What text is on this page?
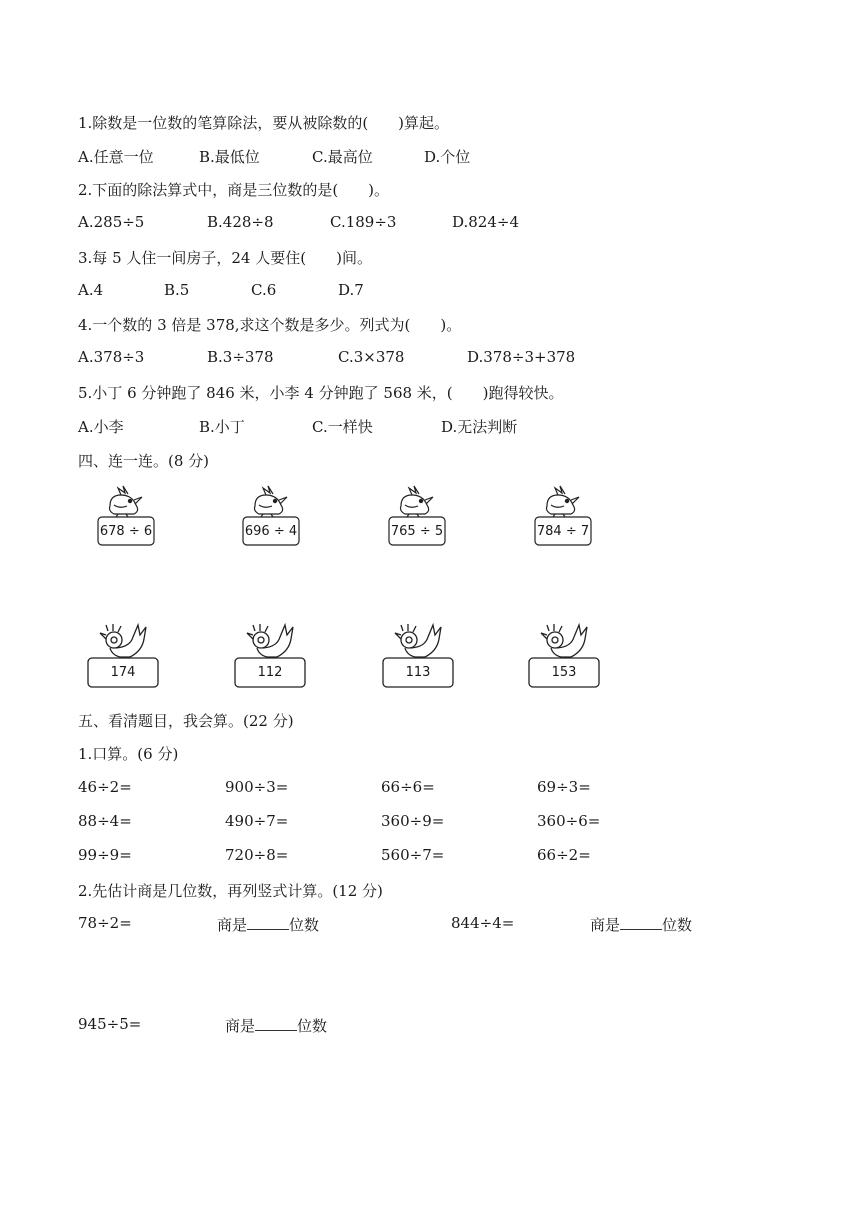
1.除数是一位数的笔算除法，要从被除数的(　　)算起。
A.任意一位	B.最低位	C.最高位	D.个位
2.下面的除法算式中，商是三位数的是(　　)。
A.285÷5	B.428÷8	C.189÷3	D.824÷4
3.每 5 人住一间房子，24 人要住(　　)间。
A.4	B.5	C.6	D.7
4.一个数的 3 倍是 378,求这个数是多少。列式为(　　)。
A.378÷3	B.3÷378	C.3×378	D.378÷3+378
5.小丁 6 分钟跑了 846 米，小李 4 分钟跑了 568 米，(　　)跑得较快。
A.小李	B.小丁	C.一样快	D.无法判断
四、连一连。(8 分)
678 ÷ 6	696 ÷ 4	765 ÷ 5	784 ÷ 7
174	112	113	153
五、看清题目，我会算。(22 分)
1.口算。(6 分)
46÷2=	900÷3=	66÷6=	69÷3=
88÷4=	490÷7=	360÷9=	360÷6=
99÷9=	720÷8=	560÷7=	66÷2=
2.先估计商是几位数，再列竖式计算。(12 分)
78÷2=	商是	位数	844÷4=	商是	位数
945÷5=	商是	位数
